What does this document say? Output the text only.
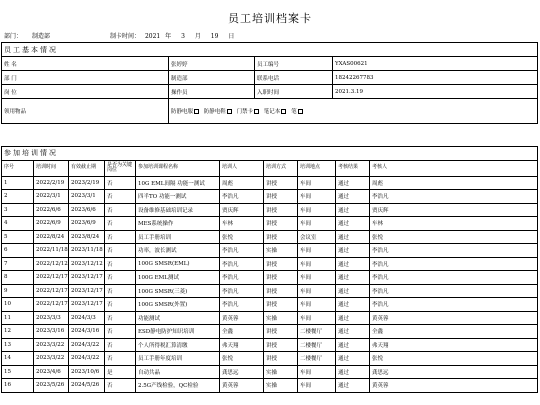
员工培训档案卡
部门： 制造部	制卡时间： 2021 年 3 月 19 日
员工基本情况			
姓 名	张婷婷	员工编号	YXAS00621
部 门	制造部	联系电话	18242267783
岗 位	操作员	入职时间	2021.3.19
领用物品	防静电服 防静电鞋 门禁卡 笔记本 笔		
参加培训情况									
序号	培训时间	有效截止期	是否为关键岗位	参加培训课程名称	培训人	培训方式	培训地点	考核结果	考核人
1	2022/2/19	2023/2/19	否	10G EML间隔 功能一测试	周彪	讲授	车间	通过	周彪
2	2022/3/1	2023/3/1	否	四半TO 功能一测试	李浩凡	讲授	车间	通过	李浩凡
3	2022/6/6	2023/6/6	否	设备维修基础培训记录	贾庆辉	讲授	车间	通过	贾庆辉
4	2022/6/9	2023/6/9	否	MES系统操作	车林	讲授	车间	通过	车林
5	2022/8/24	2023/8/24	否	员工手册培训	张悦	讲授	会议室	通过	张悦
6	2022/11/18	2023/11/18	否	功率，波长测试	李浩凡	实操	车间	通过	李浩凡
7	2022/12/12	2023/12/12	否	100G SMSR(EML)	李浩凡	讲授	车间	通过	李浩凡
8	2022/12/17	2023/12/17	否	100G EML测试	李浩凡	讲授	车间	通过	李浩凡
9	2022/12/17	2023/12/17	否	100G SMSR(三菱)	李浩凡	讲授	车间	通过	李浩凡
10	2022/12/17	2023/12/17	否	100G SMSR(外置)	李浩凡	讲授	车间	通过	李浩凡
11	2023/3/3	2024/3/3	否	功能测试	黄英蓉	实操	车间	通过	黄英蓉
12	2023/3/16	2024/3/16	否	ESD静电防护知识培训	全鑫	讲授	二楼餐厅	通过	全鑫
13	2023/3/22	2024/3/22	否	个人所得税汇算清缴	弗天翔	讲授	二楼餐厅	通过	弗天翔
14	2023/3/22	2024/3/22	否	员工手册年度培训	张悦	讲授	二楼餐厅	通过	张悦
15	2023/4/6	2023/10/6	是	自动共晶	龚思远	实操	车间	通过	龚思远
16	2023/5/26	2024/5/26	否	2.5G产线检验，QC检验	黄英蓉	实操	车间	通过	黄英蓉
